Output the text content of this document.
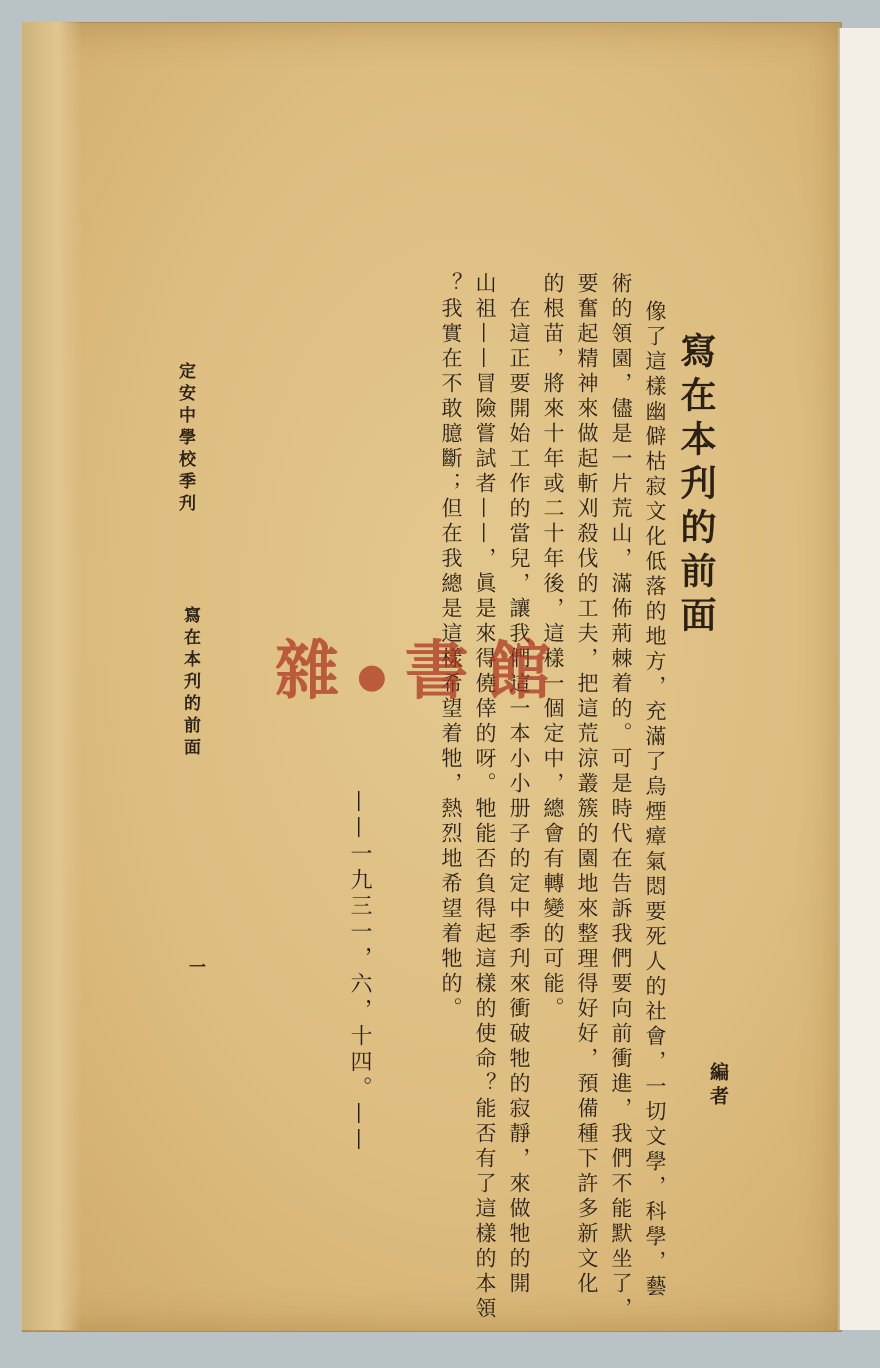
寫在本刋的前面
編者
像了這樣幽僻枯寂文化低落的地方，充滿了烏煙瘴氣悶要死人的社會，一切文學，科學，藝
術的領園，儘是一片荒山，滿佈荊棘着的。可是時代在告訴我們要向前衝進，我們不能默坐了，
要奮起精神來做起斬刈殺伐的工夫，把這荒涼叢簇的園地來整理得好好，預備種下許多新文化
的根苗，將來十年或二十年後，這樣一個定中，總會有轉變的可能。
　在這正要開始工作的當兒，讓我們這一本小小册子的定中季刋來衝破牠的寂靜，來做牠的開
山祖——冒險嘗試者——，眞是來得僥倖的呀。牠能否負得起這樣的使命？能否有了這樣的本領
？我實在不敢臆斷；但在我總是這樣希望着牠，熱烈地希望着牠的。
——一九三一，六，十四。——
定安中學校季刋
寫在本刋的前面
一
雜●書館
